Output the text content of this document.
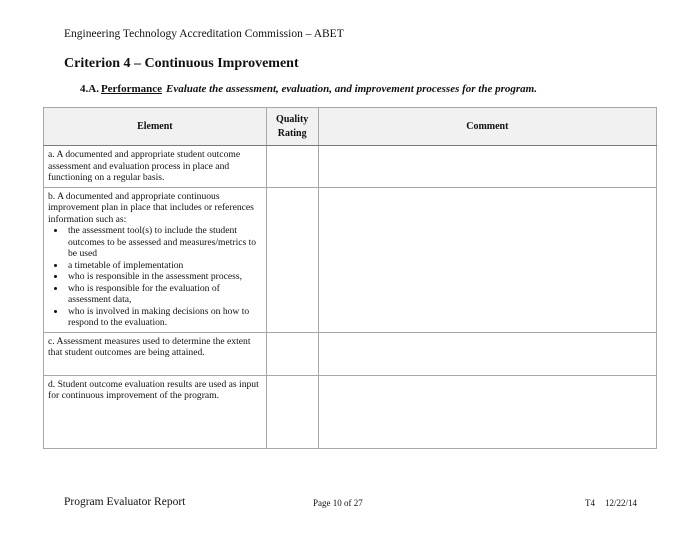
Engineering Technology Accreditation Commission – ABET
Criterion 4 – Continuous Improvement
4.A. Performance Evaluate the assessment, evaluation, and improvement processes for the program.
Element	Quality Rating	Comment

a. A documented and appropriate student outcome assessment and evaluation process in place and functioning on a regular basis.		

b. A documented and appropriate continuous improvement plan in place that includes or references information such as:
• the assessment tool(s) to include the student outcomes to be assessed and measures/metrics to be used
• a timetable of implementation
• who is responsible in the assessment process,
• who is responsible for the evaluation of assessment data,
• who is involved in making decisions on how to respond to the evaluation.

c. Assessment measures used to determine the extent that student outcomes are being attained.		

d. Student outcome evaluation results are used as input for continuous improvement of the program.		

Program Evaluator Report	Page 10 of 27	T4 12/22/14
